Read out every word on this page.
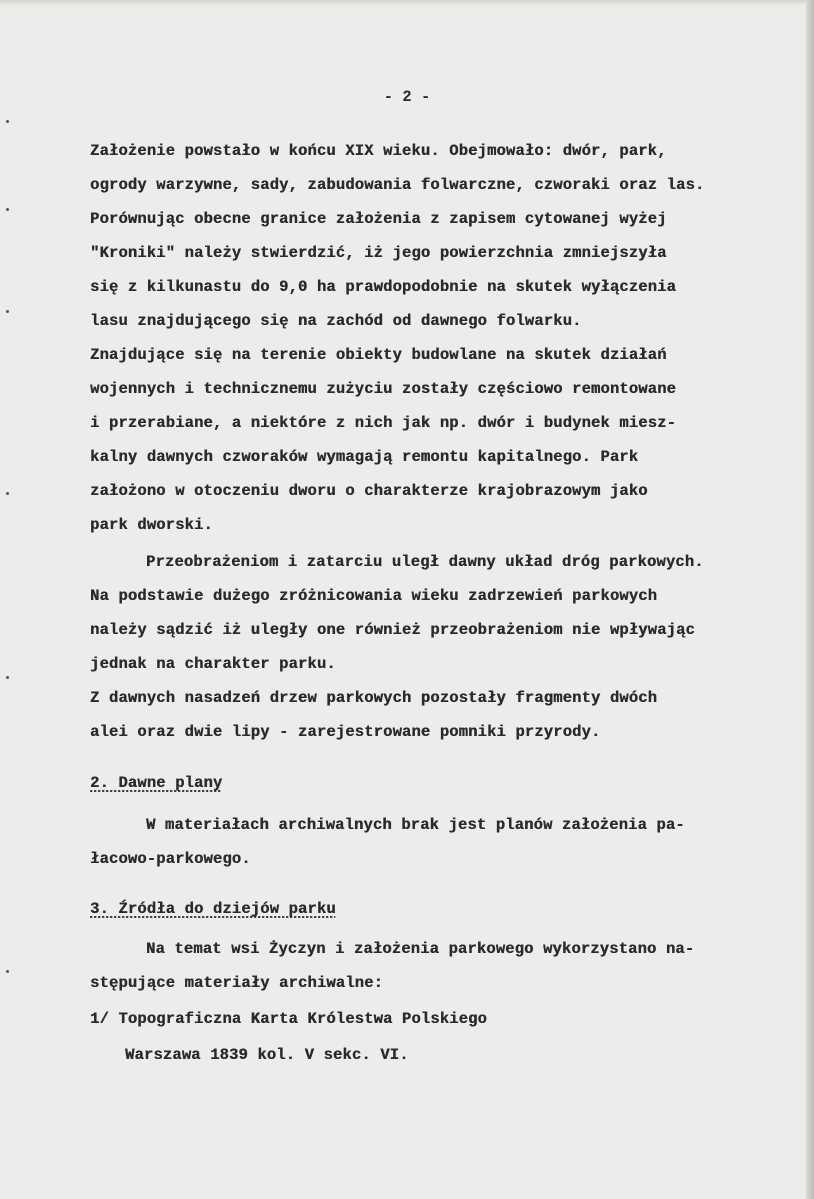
- 2 -
Założenie powstało w końcu XIX wieku. Obejmowało: dwór, park,
ogrody warzywne, sady, zabudowania folwarczne, czworaki oraz las.
Porównując obecne granice założenia z zapisem cytowanej wyżej
"Kroniki" należy stwierdzić, iż jego powierzchnia zmniejszyła
się z kilkunastu do 9,0 ha prawdopodobnie na skutek wyłączenia
lasu znajdującego się na zachód od dawnego folwarku.
Znajdujące się na terenie obiekty budowlane na skutek działań
wojennych i technicznemu zużyciu zostały częściowo remontowane
i przerabiane, a niektóre z nich jak np. dwór i budynek miesz-
kalny dawnych czworaków wymagają remontu kapitalnego. Park
założono w otoczeniu dworu o charakterze krajobrazowym jako
park dworski.
Przeobrażeniom i zatarciu uległ dawny układ dróg parkowych.
Na podstawie dużego zróżnicowania wieku zadrzewień parkowych
należy sądzić iż uległy one również przeobrażeniom nie wpływając
jednak na charakter parku.
Z dawnych nasadzeń drzew parkowych pozostały fragmenty dwóch
alei oraz dwie lipy - zarejestrowane pomniki przyrody.
2. Dawne plany
W materiałach archiwalnych brak jest planów założenia pa-
łacowo-parkowego.
3. Źródła do dziejów parku
Na temat wsi Życzyn i założenia parkowego wykorzystano na-
stępujące materiały archiwalne:
1/ Topograficzna Karta Królestwa Polskiego
Warszawa 1839 kol. V sekc. VI.
